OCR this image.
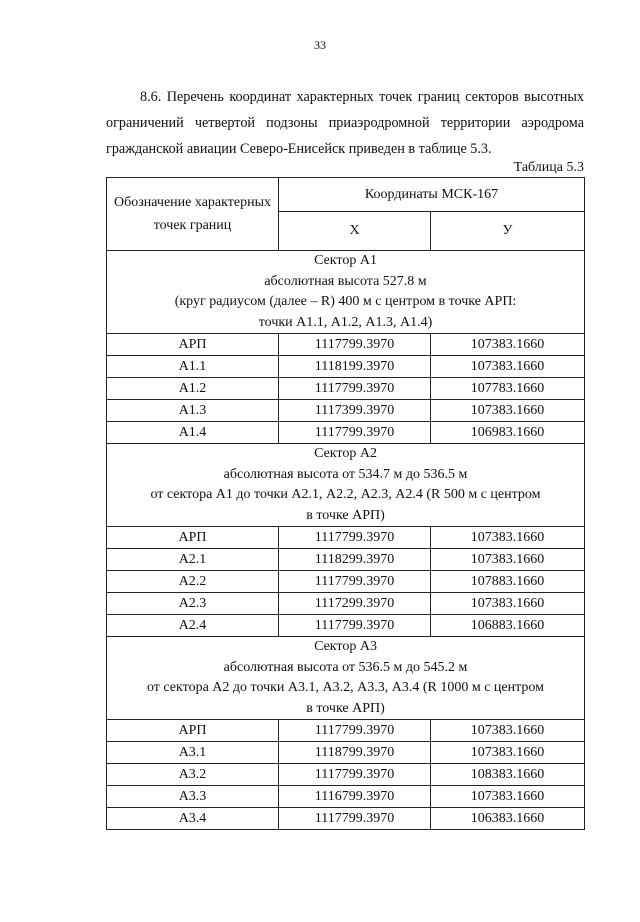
33

8.6. Перечень координат характерных точек границ секторов высотных ограничений четвертой подзоны приаэродромной территории аэродрома гражданской авиации Северо-Енисейск приведен в таблице 5.3.

Таблица 5.3
Обозначение характерных точек границ	Координаты МСК-167	
	Х	У

Сектор А1
абсолютная высота 527.8 м
(круг радиусом (далее – R) 400 м с центром в точке АРП:
точки А1.1, А1.2, А1.3, А1.4)		

АРП	1117799.3970	107383.1660
А1.1	1118199.3970	107383.1660
А1.2	1117799.3970	107783.1660
А1.3	1117399.3970	107383.1660
А1.4	1117799.3970	106983.1660

Сектор А2
абсолютная высота от 534.7 м до 536.5 м
от сектора А1 до точки А2.1, А2.2, А2.3, А2.4 (R 500 м с центром
в точке АРП)		

АРП	1117799.3970	107383.1660
А2.1	1118299.3970	107383.1660
А2.2	1117799.3970	107883.1660
А2.3	1117299.3970	107383.1660
А2.4	1117799.3970	106883.1660

Сектор А3
абсолютная высота от 536.5 м до 545.2 м
от сектора А2 до точки А3.1, А3.2, А3.3, А3.4 (R 1000 м с центром
в точке АРП)		

АРП	1117799.3970	107383.1660
А3.1	1118799.3970	107383.1660
А3.2	1117799.3970	108383.1660
А3.3	1116799.3970	107383.1660
А3.4	1117799.3970	106383.1660
